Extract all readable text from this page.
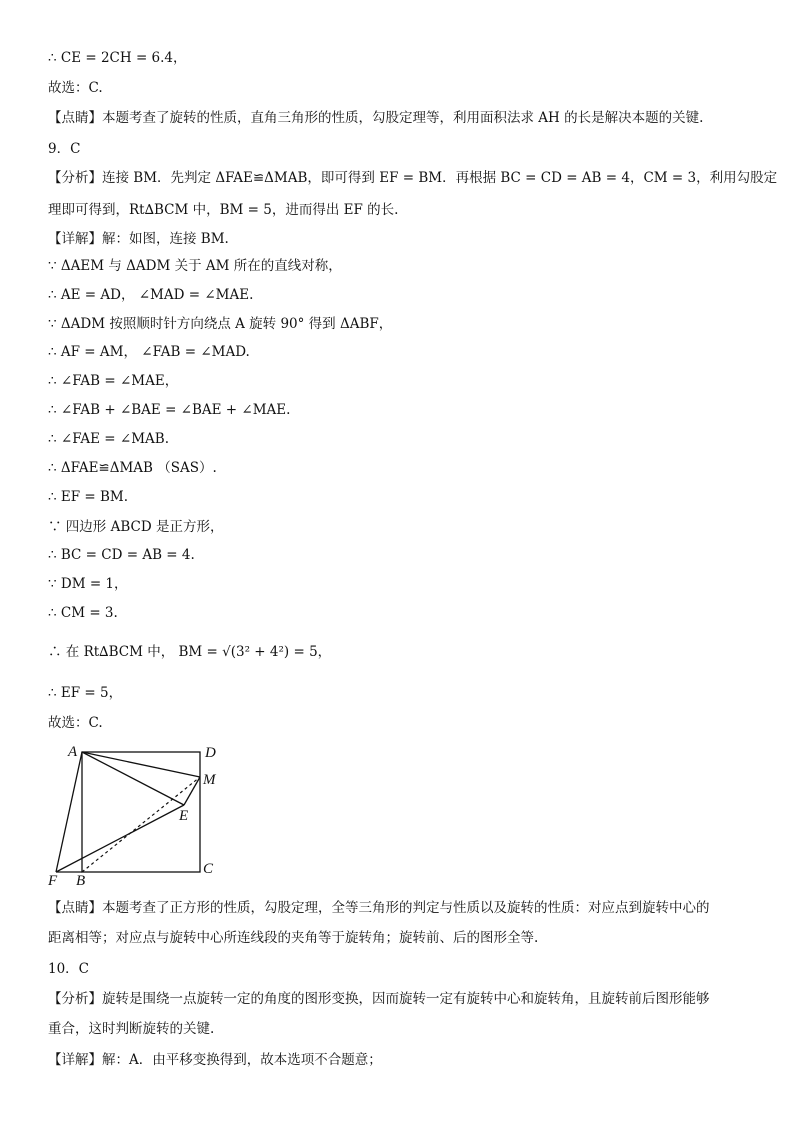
∴ CE = 2CH = 6.4，
故选：C.
【点睛】本题考查了旋转的性质，直角三角形的性质，勾股定理等，利用面积法求 AH 的长是解决本题的关键.
9．C
【分析】连接 BM．先判定 ΔFAE≌ΔMAB，即可得到 EF = BM．再根据 BC = CD = AB = 4，CM = 3，利用勾股定
理即可得到，Rt∆BCM 中，BM = 5，进而得出 EF 的长.
【详解】解：如图，连接 BM.
∵ ΔAEM 与 ΔADM 关于 AM 所在的直线对称，
∴ AE = AD， ∠MAD = ∠MAE.
∵ ΔADM 按照顺时针方向绕点 A 旋转 90° 得到 ΔABF，
∴ AF = AM， ∠FAB = ∠MAD.
∴ ∠FAB = ∠MAE，
∴ ∠FAB + ∠BAE = ∠BAE + ∠MAE.
∴ ∠FAE = ∠MAB.
∴ ΔFAE≌ΔMAB （SAS）.
∴ EF = BM.
∵ 四边形 ABCD 是正方形，
∴ BC = CD = AB = 4.
∵ DM = 1，
∴ CM = 3.
∴ 在 Rt∆BCM 中， BM = √(3² + 4²) = 5，
∴ EF = 5，
故选：C.
A	D
M
E
F B
C
【点睛】本题考查了正方形的性质，勾股定理，全等三角形的判定与性质以及旋转的性质：对应点到旋转中心的
距离相等；对应点与旋转中心所连线段的夹角等于旋转角；旋转前、后的图形全等.
10．C
【分析】旋转是围绕一点旋转一定的角度的图形变换，因而旋转一定有旋转中心和旋转角，且旋转前后图形能够
重合，这时判断旋转的关键.
【详解】解：A．由平移变换得到，故本选项不合题意；
